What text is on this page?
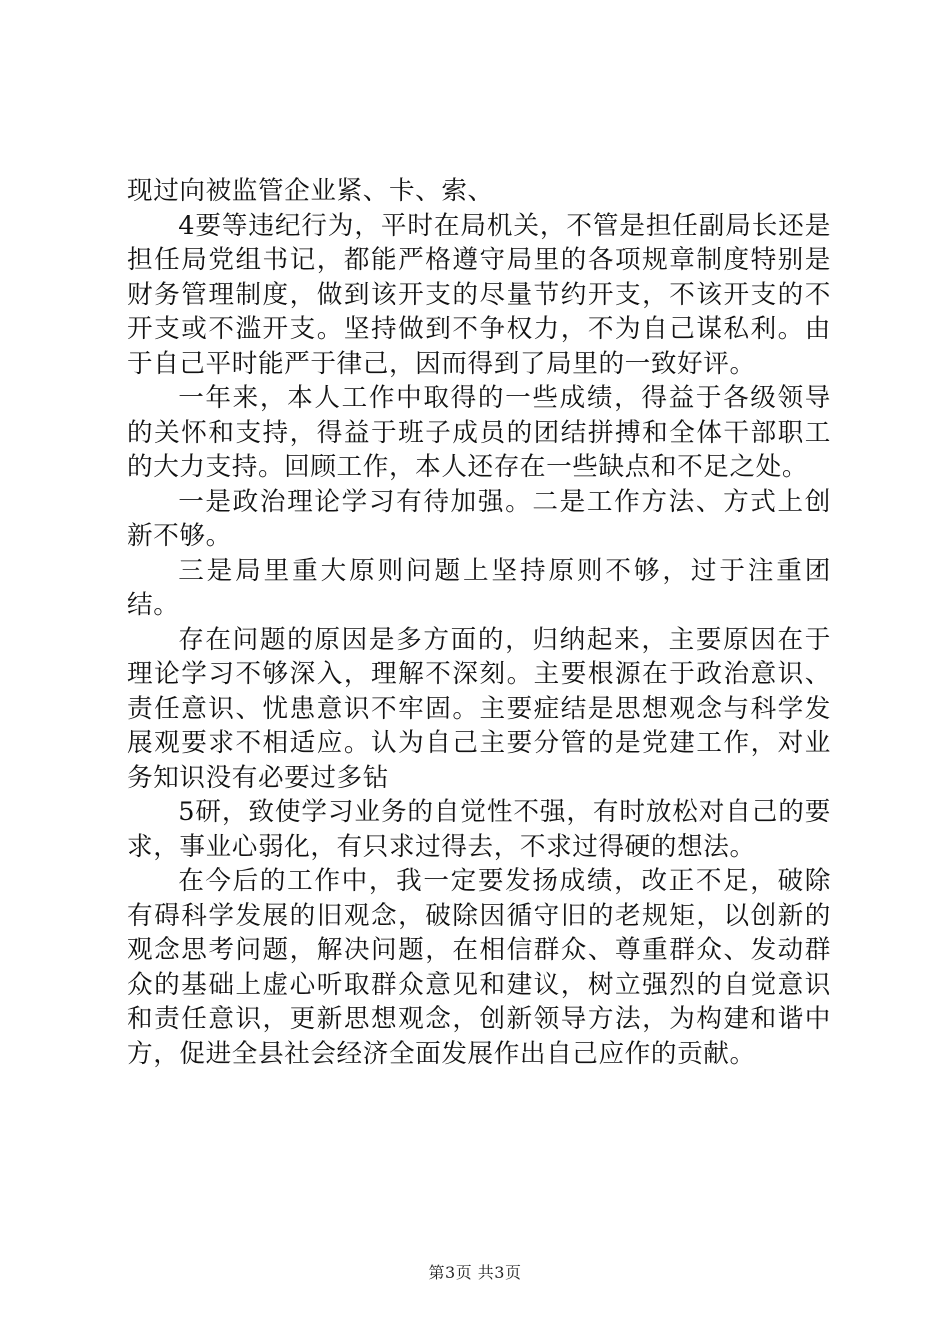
现过向被监管企业紧、卡、索、

4要等违纪行为，平时在局机关，不管是担任副局长还是担任局党组书记，都能严格遵守局里的各项规章制度特别是财务管理制度，做到该开支的尽量节约开支，不该开支的不开支或不滥开支。坚持做到不争权力，不为自己谋私利。由于自己平时能严于律己，因而得到了局里的一致好评。

一年来，本人工作中取得的一些成绩，得益于各级领导的关怀和支持，得益于班子成员的团结拼搏和全体干部职工的大力支持。回顾工作，本人还存在一些缺点和不足之处。

一是政治理论学习有待加强。二是工作方法、方式上创新不够。

三是局里重大原则问题上坚持原则不够，过于注重团结。

存在问题的原因是多方面的，归纳起来，主要原因在于理论学习不够深入，理解不深刻。主要根源在于政治意识、责任意识、忧患意识不牢固。主要症结是思想观念与科学发展观要求不相适应。认为自己主要分管的是党建工作，对业务知识没有必要过多钻

5研，致使学习业务的自觉性不强，有时放松对自己的要求，事业心弱化，有只求过得去，不求过得硬的想法。

在今后的工作中，我一定要发扬成绩，改正不足，破除有碍科学发展的旧观念，破除因循守旧的老规矩，以创新的观念思考问题，解决问题，在相信群众、尊重群众、发动群众的基础上虚心听取群众意见和建议，树立强烈的自觉意识和责任意识，更新思想观念，创新领导方法，为构建和谐中方，促进全县社会经济全面发展作出自己应作的贡献。

第3页 共3页
